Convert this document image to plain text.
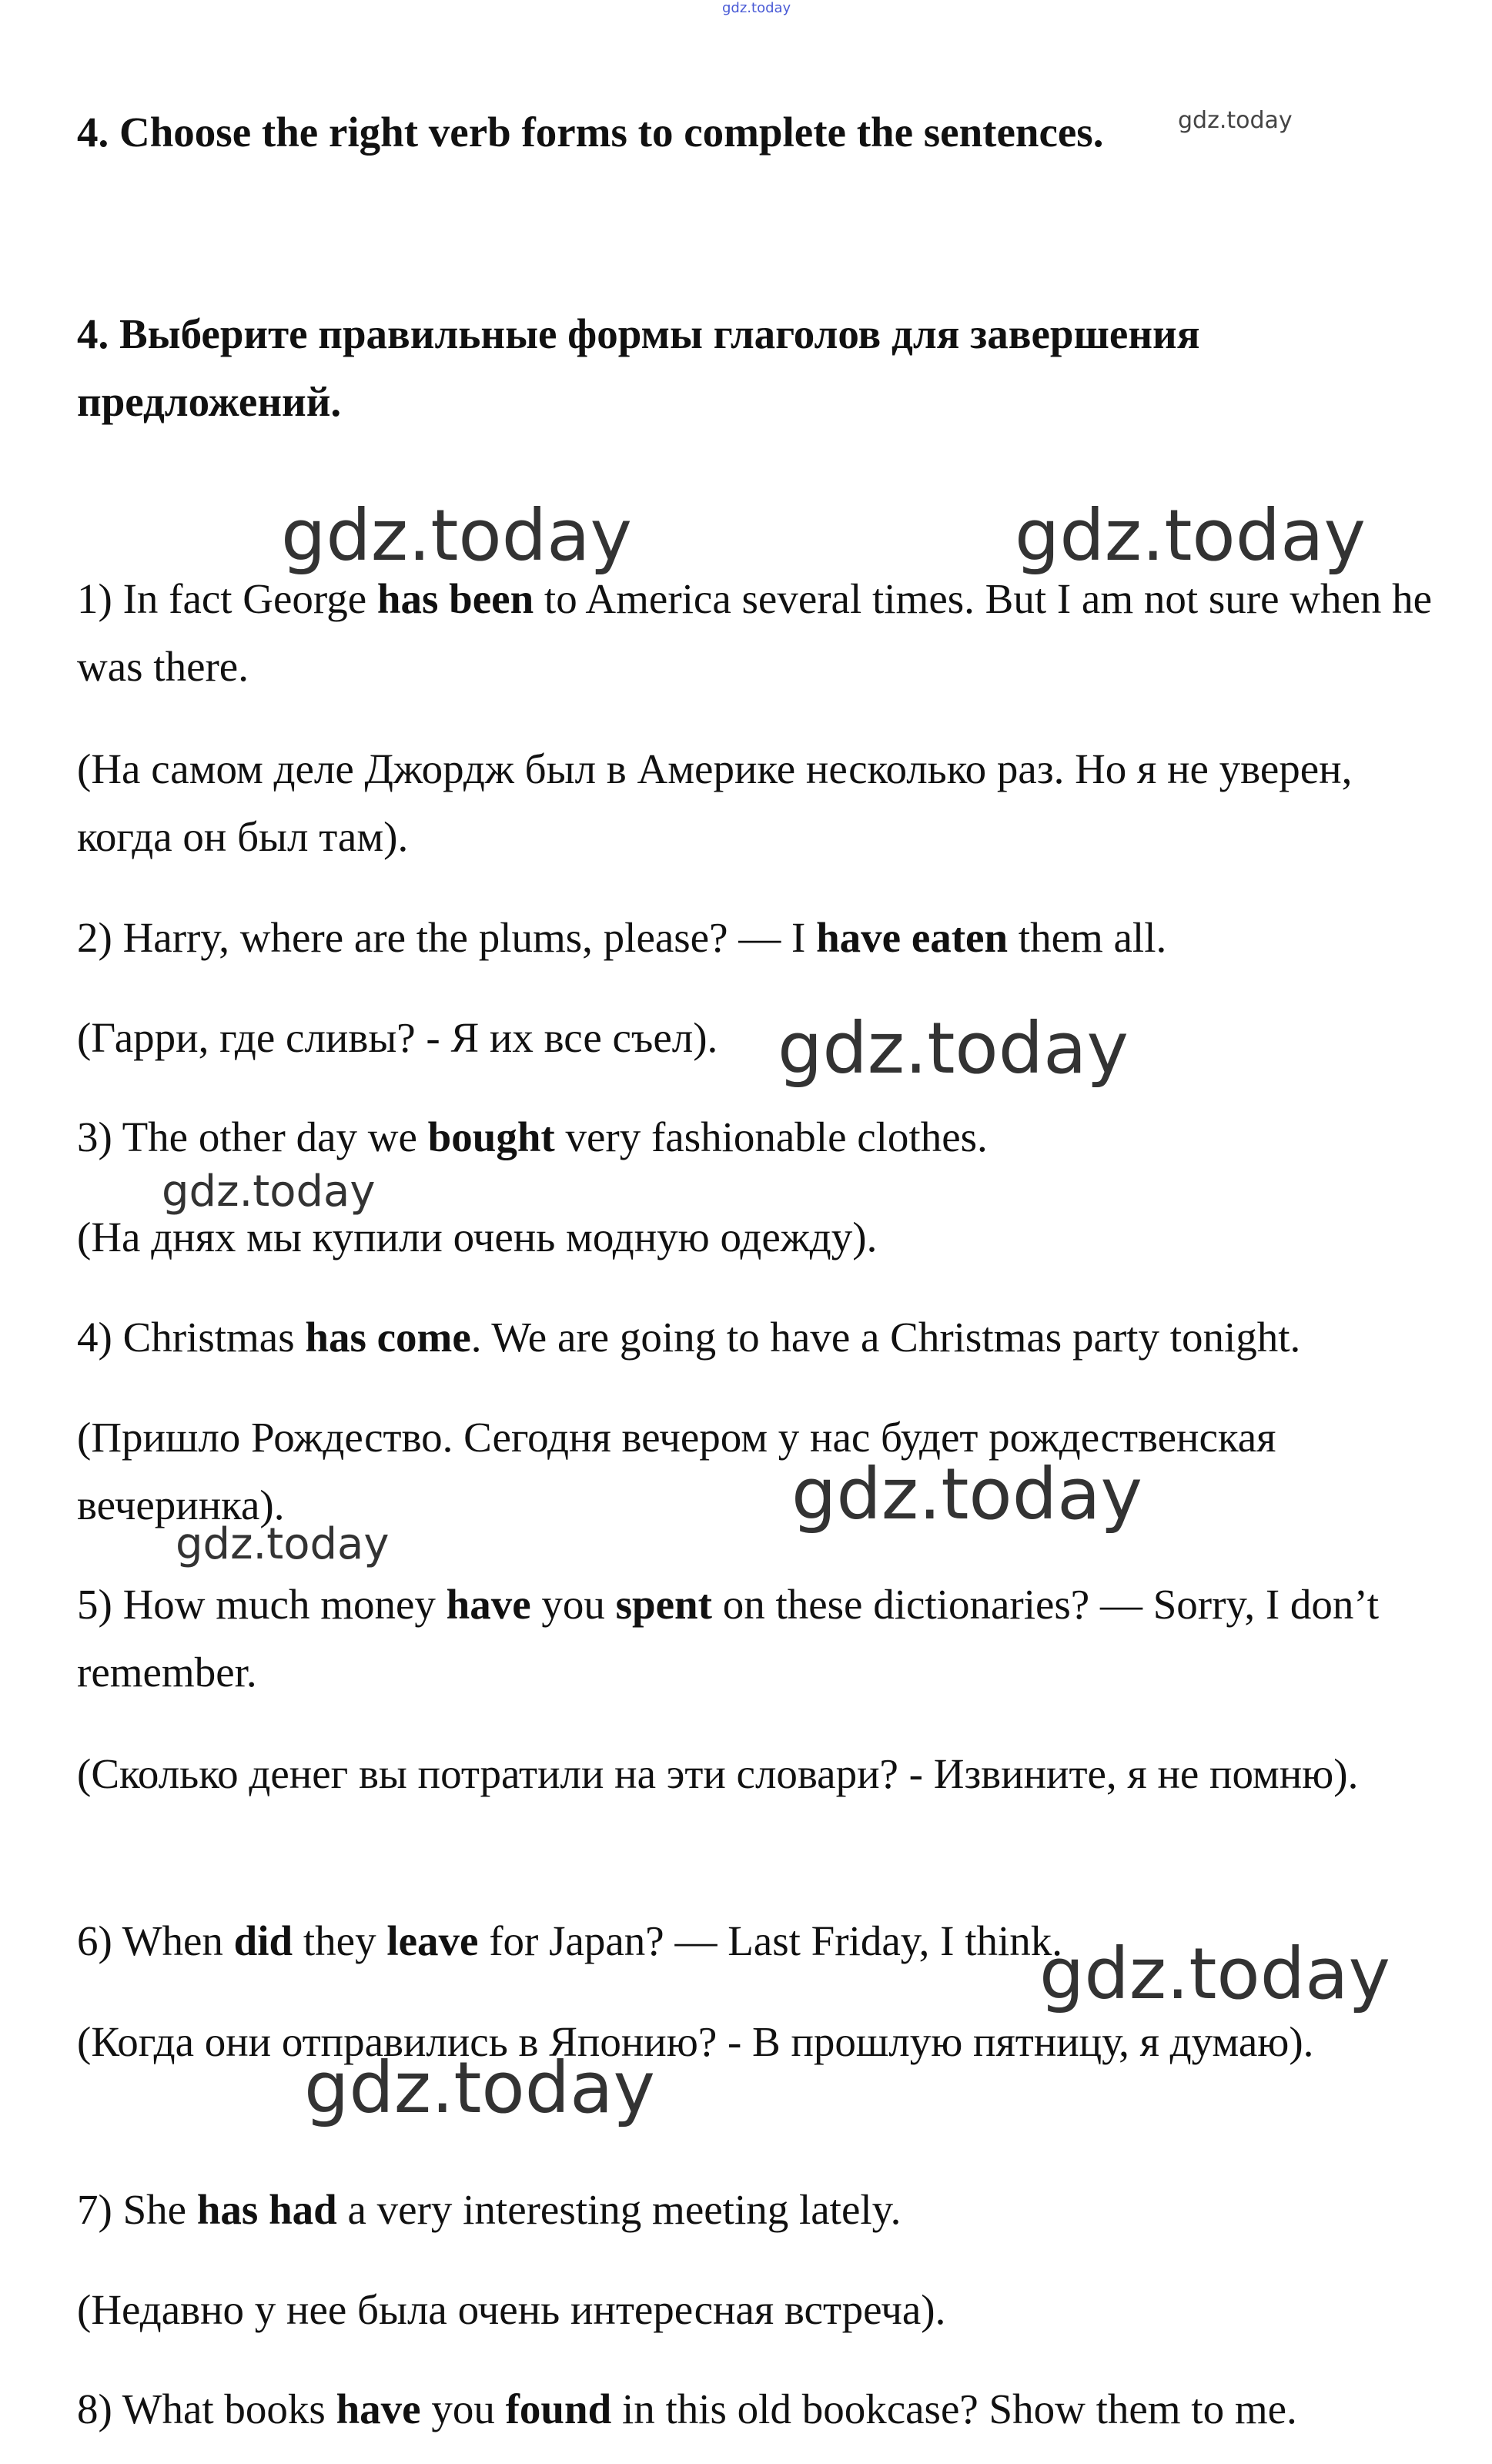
gdz.today

4. Choose the right verb forms to complete the sentences.

4. Выберите правильные формы глаголов для завершения

предложений.

1) In fact George has been to America several times. But I am not sure when he was there.

(На самом деле Джордж был в Америке несколько раз. Но я не уверен, когда он был там).

2) Harry, where are the plums, please? — I have eaten them all.

(Гарри, где сливы? - Я их все съел).

3) The other day we bought very fashionable clothes.

(На днях мы купили очень модную одежду).

4) Christmas has come. We are going to have a Christmas party tonight.

(Пришло Рождество. Сегодня вечером у нас будет рождественская вечеринка).

5) How much money have you spent on these dictionaries? — Sorry, I don’t remember.

(Сколько денег вы потратили на эти словари? - Извините, я не помню).

6) When did they leave for Japan? — Last Friday, I think.

(Когда они отправились в Японию? - В прошлую пятницу, я думаю).

7) She has had a very interesting meeting lately.

(Недавно у нее была очень интересная встреча).

8) What books have you found in this old bookcase? Show them to me.

gdz.today
gdz.today	gdz.today
gdz.today
gdz.today
gdz.today
gdz.today
gdz.today
gdz.today
